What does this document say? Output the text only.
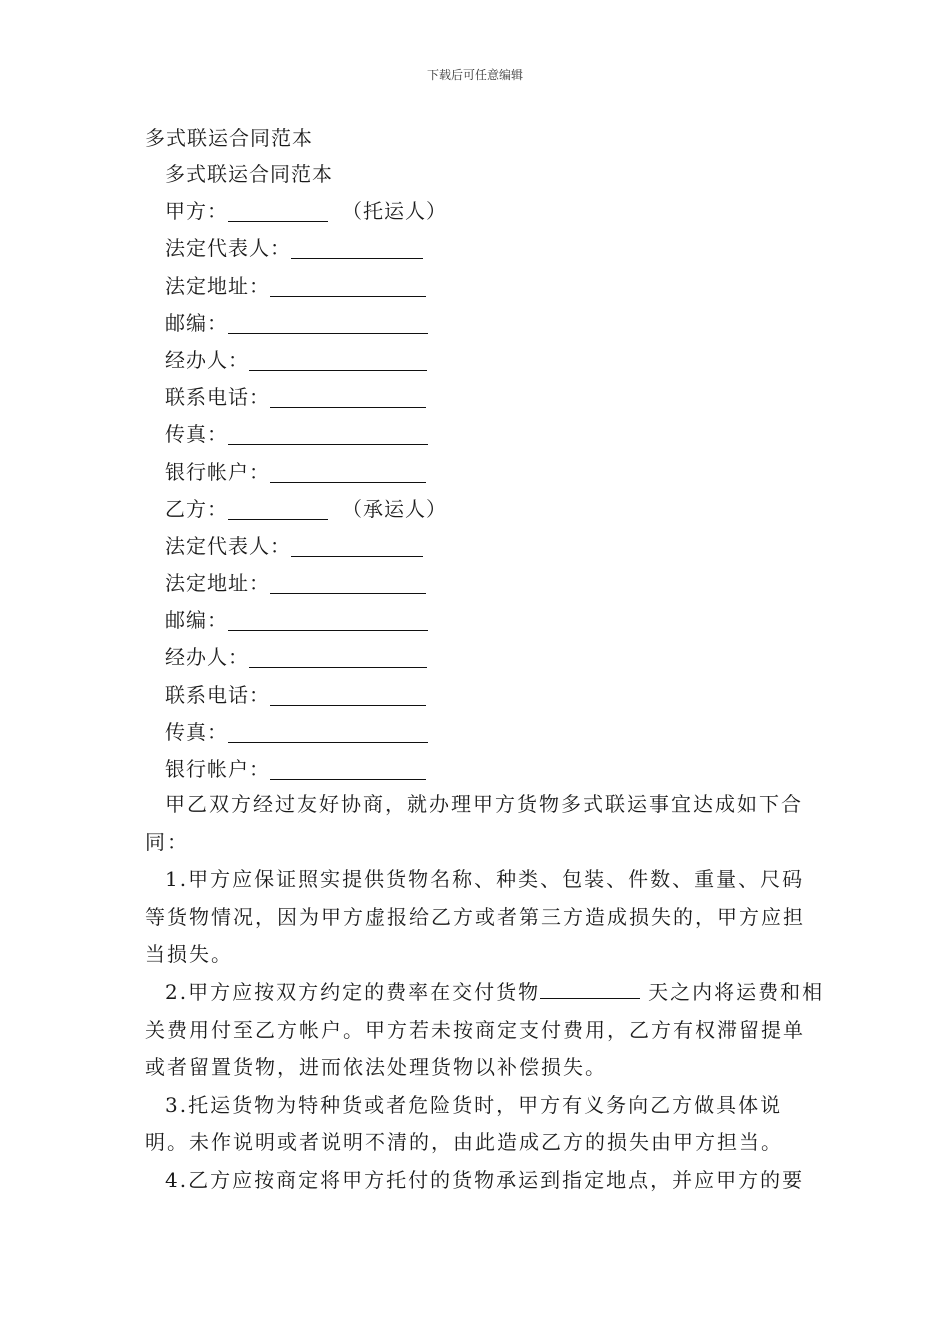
下载后可任意编辑
多式联运合同范本
多式联运合同范本
甲方：	（托运人）
法定代表人：
法定地址：
邮编：
经办人：
联系电话：
传真：
银行帐户：
乙方：	（承运人）
法定代表人：
法定地址：
邮编：
经办人：
联系电话：
传真：
银行帐户：

甲乙双方经过友好协商，就办理甲方货物多式联运事宜达成如下合同：

1.甲方应保证照实提供货物名称、种类、包装、件数、重量、尺码等货物情况，因为甲方虚报给乙方或者第三方造成损失的，甲方应担当损失。

2.甲方应按双方约定的费率在交付货物	天之内将运费和相关费用付至乙方帐户。甲方若未按商定支付费用，乙方有权滞留提单或者留置货物，进而依法处理货物以补偿损失。

3.托运货物为特种货或者危险货时，甲方有义务向乙方做具体说明。未作说明或者说明不清的，由此造成乙方的损失由甲方担当。

4.乙方应按商定将甲方托付的货物承运到指定地点，并应甲方的要
